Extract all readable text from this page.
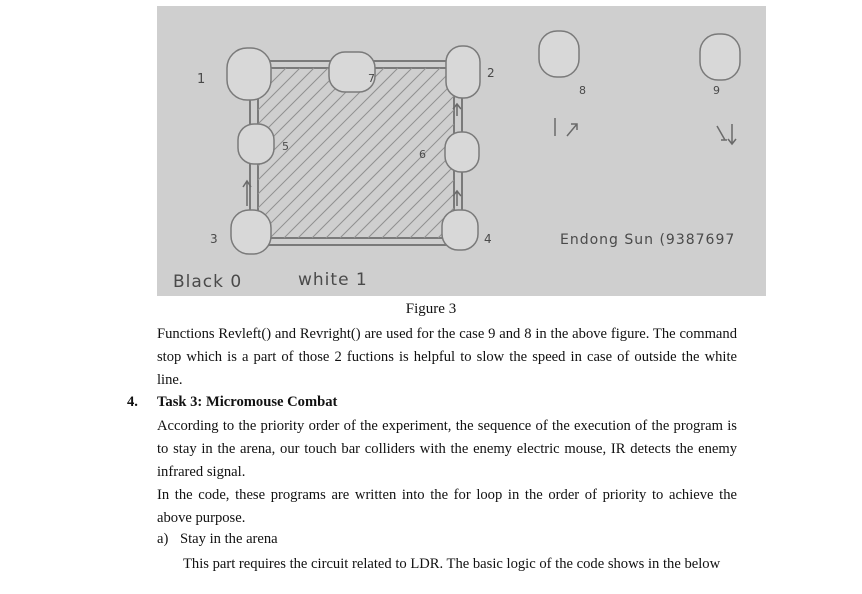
1	2
3	4
5
6
7
8	9
Black 0	white 1
Endong Sun (9387697
Figure 3

Functions Revleft() and Revright() are used for the case 9 and 8 in the above figure. The command stop which is a part of those 2 fuctions is helpful to slow the speed in case of outside the white line.

4. Task 3: Micromouse Combat

According to the priority order of the experiment, the sequence of the execution of the program is to stay in the arena, our touch bar colliders with the enemy electric mouse, IR detects the enemy infrared signal.

In the code, these programs are written into the for loop in the order of priority to achieve the above purpose.

a) Stay in the arena

This part requires the circuit related to LDR. The basic logic of the code shows in the below
